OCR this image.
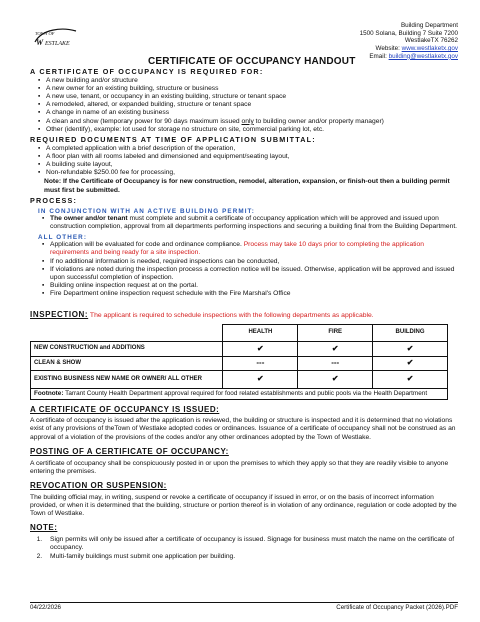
TOWN OF
W ESTLAKE
Building Department
1500 Solana, Building 7 Suite 7200
WestlakeTX 76262
Website: www.westlaketx.gov
Email: building@westlaketx.gov
CERTIFICATE OF OCCUPANCY HANDOUT
A CERTIFICATE OF OCCUPANCY IS REQUIRED FOR:
▪ A new building and/or structure
▪ A new owner for an existing building, structure or business
▪ A new use, tenant, or occupancy in an existing building, structure or tenant space
▪ A remodeled, altered, or expanded building, structure or tenant space
▪ A change in name of an existing business
▪ A clean and show (temporary power for 90 days maximum issued only to building owner and/or property manager)
▪ Other (identify), example: lot used for storage no structure on site, commercial parking lot, etc.
REQUIRED DOCUMENTS AT TIME OF APPLICATION SUBMITTAL:
▪ A completed application with a brief description of the operation,
▪ A floor plan with all rooms labeled and dimensioned and equipment/seating layout,
▪ A building suite layout,
▪ Non-refundable $250.00 fee for processing,
Note: If the Certificate of Occupancy is for new construction, remodel, alteration, expansion, or finish-out then a building permit must first be submitted.
PROCESS:
IN CONJUNCTION WITH AN ACTIVE BUILDING PERMIT:
▪ The owner and/or tenant must complete and submit a certificate of occupancy application which will be approved and issued upon construction completion, approval from all departments performing inspections and securing a building final from the Building Department.
ALL OTHER:
▪ Application will be evaluated for code and ordinance compliance. Process may take 10 days prior to completing the application requirements and being ready for a site inspection.
▪ If no additional information is needed, required inspections can be conducted,
▪ If violations are noted during the inspection process a correction notice will be issued. Otherwise, application will be approved and issued upon successful completion of inspection.
▪ Building online inspection request at on the portal.
▪ Fire Department online inspection request schedule with the Fire Marshal's Office
INSPECTION: The applicant is required to schedule inspections with the following departments as applicable.
	HEALTH	FIRE	BUILDING
NEW CONSTRUCTION and ADDITIONS	✔	✔	✔
CLEAN & SHOW	---	---	✔
EXISTING BUSINESS NEW NAME OR OWNER/ ALL OTHER	✔	✔	✔
Footnote: Tarrant County Health Department approval required for food related establishments and public pools via the Health Department			
A CERTIFICATE OF OCCUPANCY IS ISSUED:

A certificate of occupancy is issued after the application is reviewed, the building or structure is inspected and it is determined that no violations exist of any provisions of theTown of Westlake adopted codes or ordinances. Issuance of a certificate of occupancy shall not be construed as an approval of a violation of the provisions of the codes and/or any other ordinances adopted by the Town of Westlake.

POSTING OF A CERTIFICATE OF OCCUPANCY:

A certificate of occupancy shall be conspicuously posted in or upon the premises to which they apply so that they are readily visible to anyone entering the premises.

REVOCATION OR SUSPENSION:

The building official may, in writing, suspend or revoke a certificate of occupancy if issued in error, or on the basis of incorrect information provided, or when it is determined that the building, structure or portion thereof is in violation of any ordinance, regulation or code adopted by the Town of Westlake.

NOTE:
1. Sign permits will only be issued after a certificate of occupancy is issued. Signage for business must match the name on the certificate of occupancy.
2. Multi-family buildings must submit one application per building.
04/22/2026	Certificate of Occupancy Packet (2026).PDF
